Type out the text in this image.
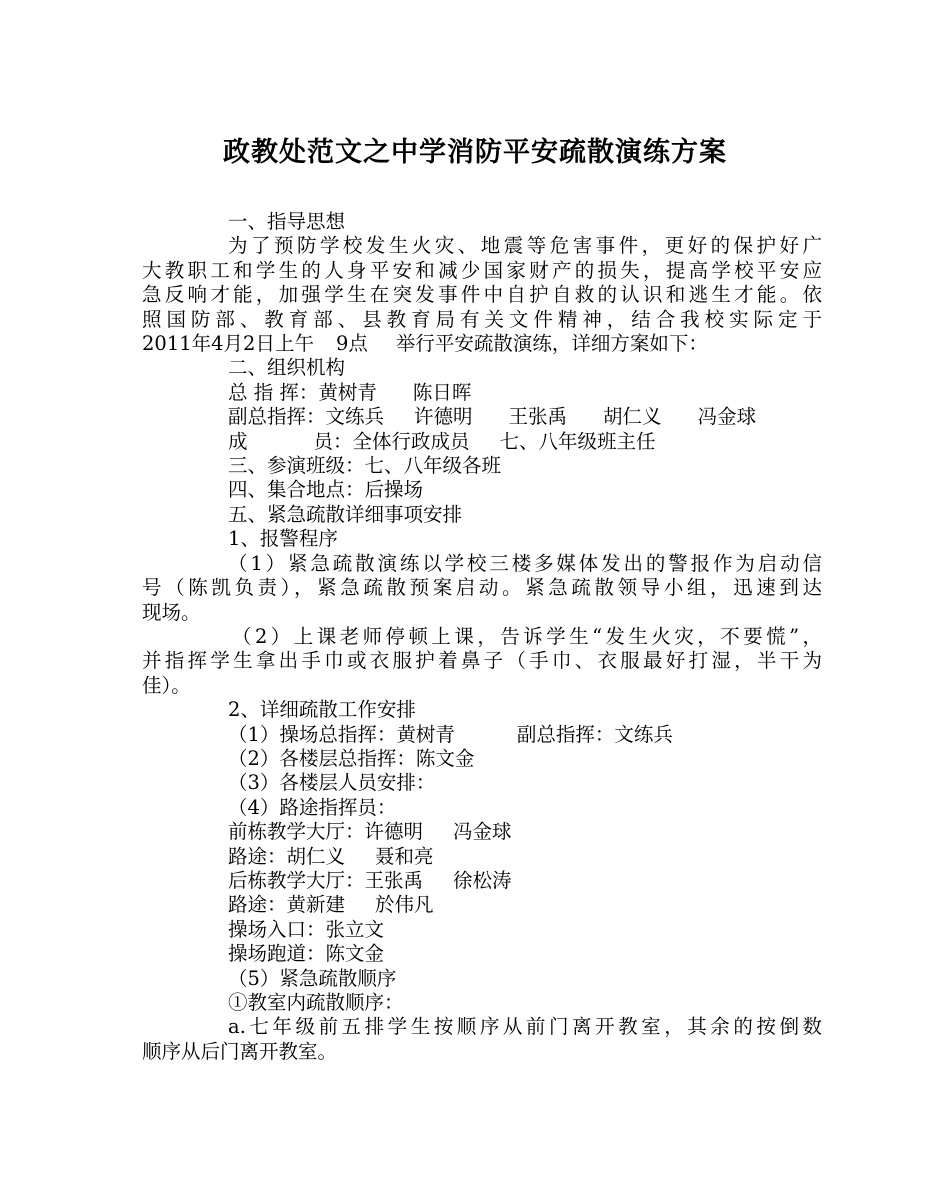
政教处范文之中学消防平安疏散演练方案
一、指导思想
为了预防学校发生火灾、地震等危害事件，更好的保护好广
大教职工和学生的人身平安和减少国家财产的损失，提高学校平安应
急反响才能，加强学生在突发事件中自护自救的认识和逃生才能。依
照国防部、教育部、县教育局有关文件精神，结合我校实际定于
2011年4月2日上午 9点 举行平安疏散演练，详细方案如下：
二、组织机构
总 指 挥：黄树青 陈日晖
副总指挥：文练兵 许德明 王张禹 胡仁义 冯金球
成	员：全体行政成员 七、八年级班主任
三、参演班级：七、八年级各班
四、集合地点：后操场
五、紧急疏散详细事项安排
1、报警程序
（1）紧急疏散演练以学校三楼多媒体发出的警报作为启动信
号（陈凯负责），紧急疏散预案启动。紧急疏散领导小组，迅速到达
现场。
（2）上课老师停顿上课，告诉学生“发生火灾，不要慌”，
并指挥学生拿出手巾或衣服护着鼻子（手巾、衣服最好打湿，半干为
佳）。
2、详细疏散工作安排
（1）操场总指挥：黄树青	副总指挥：文练兵
（2）各楼层总指挥：陈文金
（3）各楼层人员安排：
（4）路途指挥员：
前栋教学大厅：许德明 冯金球
路途：胡仁义 聂和亮
后栋教学大厅：王张禹 徐松涛
路途：黄新建 於伟凡
操场入口：张立文
操场跑道：陈文金
（5）紧急疏散顺序
①教室内疏散顺序：
a.七年级前五排学生按顺序从前门离开教室，其余的按倒数
顺序从后门离开教室。
